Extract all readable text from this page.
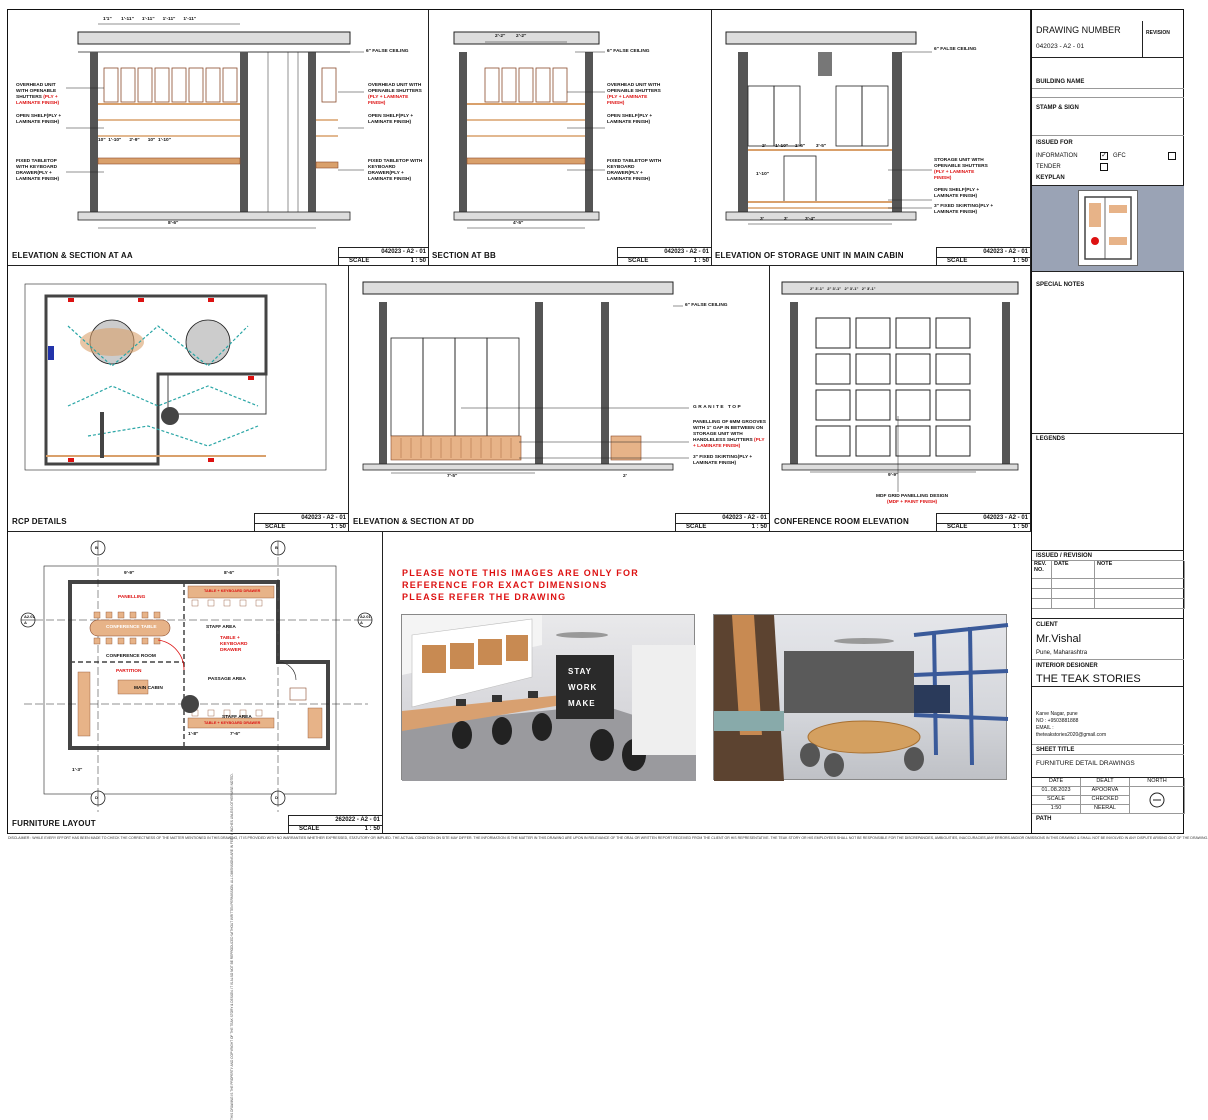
1'1" 1'-11" 1'-11" 1'-11" 1'-11"
10" 1'-10" 2'-9" 10" 1'-10"
8'-6"
6" FALSE CEILING
OVERHEAD UNIT WITH OPENABLE SHUTTERS (PLY + LAMINATE FINISH)
OPEN SHELF(PLY + LAMINATE FINISH)
FIXED TABLETOP WITH KEYBOARD DRAWER(PLY + LAMINATE FINISH)
OVERHEAD UNIT WITH OPENABLE SHUTTERS (PLY + LAMINATE FINISH)
OPEN SHELF(PLY + LAMINATE FINISH)
FIXED TABLETOP WITH KEYBOARD DRAWER(PLY + LAMINATE FINISH)
ELEVATION & SECTION AT AA	042023 - A2 - 01
SCALE	1 : 50
2'-2" 2'-2"
4'-5"
6" FALSE CEILING
OVERHEAD UNIT WITH OPENABLE SHUTTERS (PLY + LAMINATE FINISH)
OPEN SHELF(PLY + LAMINATE FINISH)
FIXED TABLETOP WITH KEYBOARD DRAWER(PLY + LAMINATE FINISH)
SECTION AT BB	042023 - A2 - 01
SCALE	1 : 50
2' 1'-10" 1'-6" 3'-5"
1'-10"
3'	3'	3'-4"
6" FALSE CEILING
STORAGE UNIT WITH OPENABLE SHUTTERS (PLY + LAMINATE FINISH)
OPEN SHELF(PLY + LAMINATE FINISH)
3" FIXED SKIRTING(PLY + LAMINATE FINISH)
ELEVATION OF STORAGE UNIT IN MAIN CABIN	042023 - A2 - 01
SCALE	1 : 50
RCP DETAILS	042023 - A2 - 01
SCALE	1 : 50
7'-5"	2'
6" FALSE CEILING
GRANITE TOP
PANELLING OF 6MM GROOVES WITH 1" GAP IN BETWEEN ON STORAGE UNIT WITH HANDLELESS SHUTTERS (PLY + LAMINATE FINISH)
3" FIXED SKIRTING(PLY + LAMINATE FINISH)
ELEVATION & SECTION AT DD	042023 - A2 - 01
SCALE	1 : 50
2" 3'-1" 2" 3'-1" 2" 3'-1" 2" 3'-1"
9'-9"
MDF GRID PANELLING DESIGN
(MDF + PAINT FINISH)
CONFERENCE ROOM ELEVATION	042023 - A2 - 01
SCALE	1 : 50
A2.01
A
A2.01
A
B	B
D	D
9'-9"	8'-6"
1'-3"
1'-8"	7'-6"
PANELLING
CONFERENCE TABLE
CONFERENCE ROOM
PARTITION
MAIN CABIN
STAFF AREA
PASSAGE AREA
STAFF AREA
TABLE + KEYBOARD DRAWER
TABLE + KEYBOARD DRAWER
TABLE + KEYBOARD DRAWER
FURNITURE LAYOUT	262022 - A2 - 01
SCALE	1 : 50
PLEASE NOTE THIS IMAGES ARE ONLY FOR
REFERENCE FOR EXACT DIMENSIONS
PLEASE REFER THE DRAWING
STAY
WORK
MAKE
DRAWING NUMBER	REVISION
042023 - A2 - 01
BUILDING NAME
STAMP & SIGN
ISSUED FOR
INFORMATION	✓ GFC
TENDER
KEYPLAN
SPECIAL NOTES
LEGENDS
ISSUED / REVISION
REV. NO.
DATE	NOTE
CLIENT
Mr.Vishal
Pune, Maharashtra
INTERIOR DESIGNER
THE TEAK STORIES
Karve Nagar, pune
NO : +9503881888
EMAIL :
theteakstories2020@gmail.com
SHEET TITLE
FURNITURE DETAIL DRAWINGS
DATE	DEALT	NORTH
01..08.2023	APOORVA
SCALE	CHECKED
1:50	NEERAL
PATH
DISCLAIMER : WHILE EVERY EFFORT HAS BEEN MADE TO CHECK THE CORRECTNESS OF THE MATTER MENTIONED IN THIS DRAWING, IT IS PROVIDED WITH NO WARRANTIES WHETHER EXPRESSED, STATUTORY OR IMPLIED. THE ACTUAL CONDITION ON SITE MAY DIFFER. THE INFORMATION IS THE MATTER IN THIS DRAWING ARE UPON IN RELEVANCE OF THE ORAL OR WRITTEN REPORT RECEIVED FROM THE CLIENT OR HIS REPRESENTATIVE. THE TEAK STORY OR HIS EMPLOYEES SHALL NOT BE RESPONSIBLE FOR THE DISCREPANCIES, AMBIGUITIES, INACCURACIES,ANY ERRORS AND/OR OMISSIONS IN THIS DRAWING & SHALL NOT BE INVOLVED IN ANY DISPUTE ARISING OUT OF THE DRAWING.
THIS DRAWING IS THE PROPERTY AND COPYRIGHT OF THE TEAK STORY & DESIGN. IT IS ALSO NOT BE REPRODUCED WITHOUT WRITTEN PERMISSION. ALL DIMENSIONS ARE IN FEET & INCHES UNLESS OTHERWISE NOTED.
